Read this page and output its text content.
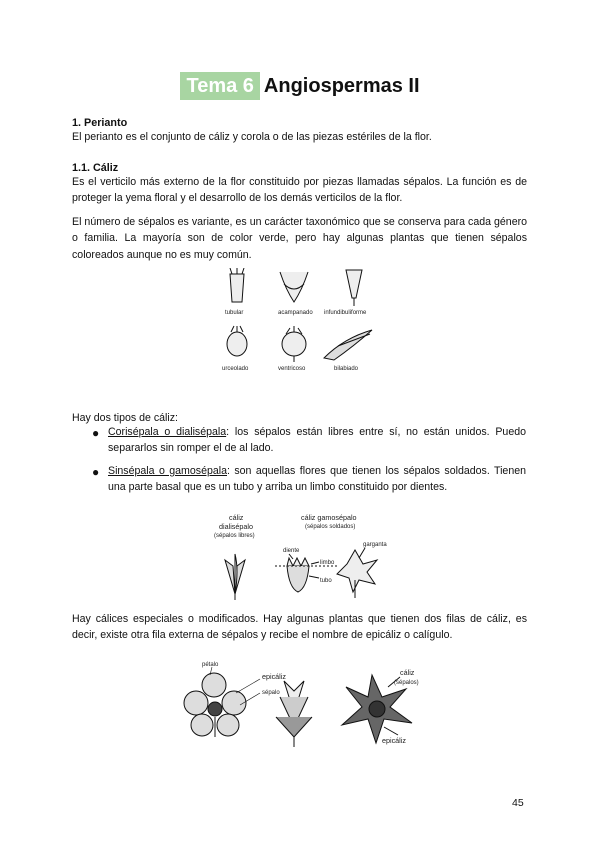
Tema 6 Angiospermas II
1. Perianto
El perianto es el conjunto de cáliz y corola o de las piezas estériles de la flor.
1.1. Cáliz
Es el verticilo más externo de la flor constituido por piezas llamadas sépalos. La función es de proteger la yema floral y el desarrollo de los demás verticilos de la flor.
El número de sépalos es variante, es un carácter taxonómico que se conserva para cada género o familia. La mayoría son de color verde, pero hay algunas plantas que tienen sépalos coloreados aunque no es muy común.
tubular	acampanado infundibuliforme
urceolado	ventricoso	bilabiado
Hay dos tipos de cáliz:
● Corisépala o dialisépala: los sépalos están libres entre sí, no están unidos. Puedo separarlos sin romper el de al lado.
● Sinsépala o gamosépala: son aquellas flores que tienen los sépalos soldados. Tienen una parte basal que es un tubo y arriba un limbo constituido por dientes.
cáliz
dialisépalo
(sépalos libres)
cáliz gamosépalo
(sépalos soldados)
diente
limbo
garganta
tubo
Hay cálices especiales o modificados. Hay algunas plantas que tienen dos filas de cáliz, es decir, existe otra fila externa de sépalos y recibe el nombre de epicáliz o calígulo.
pétalo
epicáliz
sépalo
cáliz
(sépalos)
epicáliz
45
